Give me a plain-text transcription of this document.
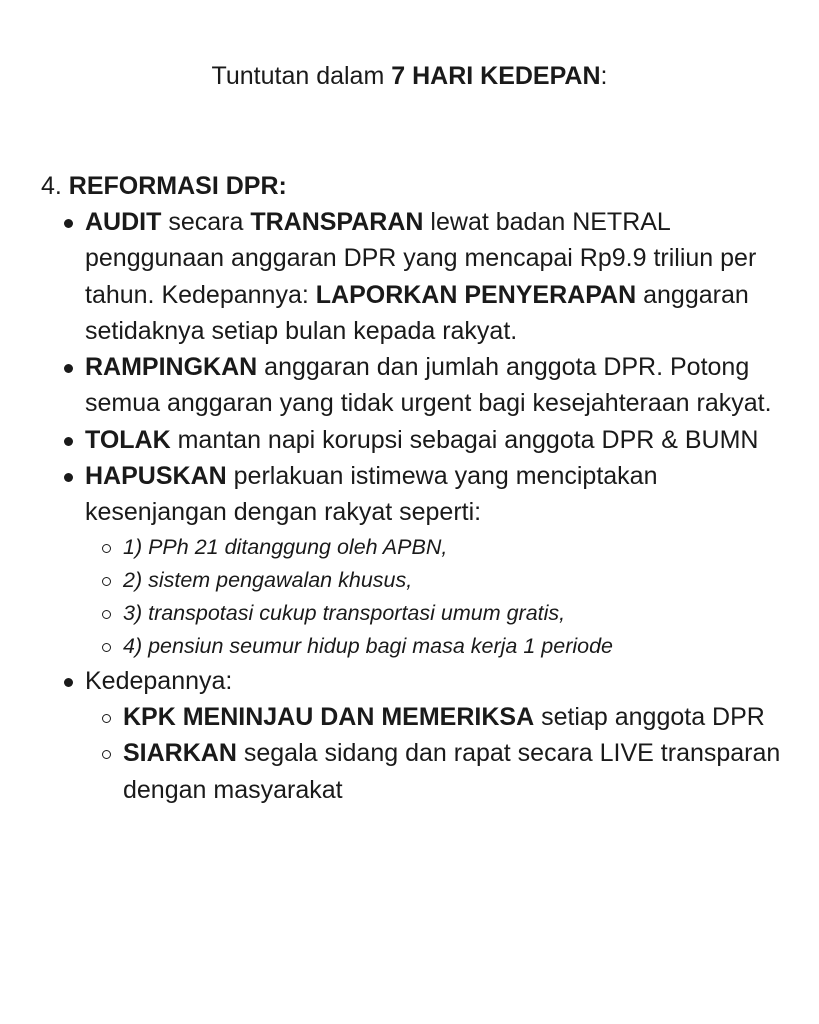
Tuntutan dalam 7 HARI KEDEPAN:
4. REFORMASI DPR:
AUDIT secara TRANSPARAN lewat badan NETRAL penggunaan anggaran DPR yang mencapai Rp9.9 triliun per tahun. Kedepannya: LAPORKAN PENYERAPAN anggaran setidaknya setiap bulan kepada rakyat.
RAMPINGKAN anggaran dan jumlah anggota DPR. Potong semua anggaran yang tidak urgent bagi kesejahteraan rakyat.
TOLAK mantan napi korupsi sebagai anggota DPR & BUMN
HAPUSKAN perlakuan istimewa yang menciptakan kesenjangan dengan rakyat seperti:
1) PPh 21 ditanggung oleh APBN,
2) sistem pengawalan khusus,
3) transpotasi cukup transportasi umum gratis,
4) pensiun seumur hidup bagi masa kerja 1 periode
Kedepannya:
KPK MENINJAU DAN MEMERIKSA setiap anggota DPR
SIARKAN segala sidang dan rapat secara LIVE transparan dengan masyarakat
